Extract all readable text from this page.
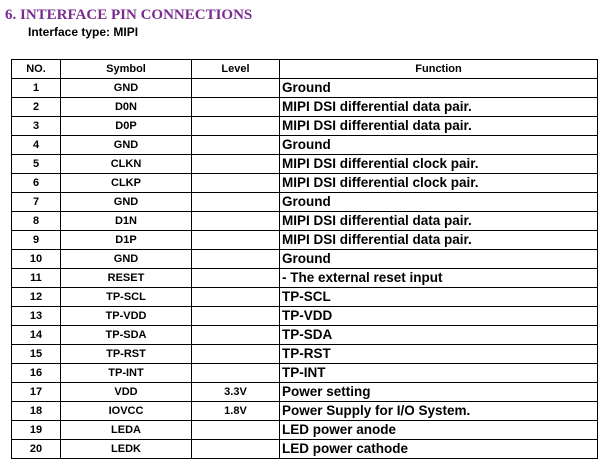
6. INTERFACE PIN CONNECTIONS
Interface type: MIPI
NO.	Symbol	Level	Function
1	GND		Ground
2	D0N		MIPI DSI differential data pair.
3	D0P		MIPI DSI differential data pair.
4	GND		Ground
5	CLKN		MIPI DSI differential clock pair.
6	CLKP		MIPI DSI differential clock pair.
7	GND		Ground
8	D1N		MIPI DSI differential data pair.
9	D1P		MIPI DSI differential data pair.
10	GND		Ground
11	RESET		- The external reset input
12	TP-SCL		TP-SCL
13	TP-VDD		TP-VDD
14	TP-SDA		TP-SDA
15	TP-RST		TP-RST
16	TP-INT		TP-INT
17	VDD	3.3V	Power setting
18	IOVCC	1.8V	Power Supply for I/O System.
19	LEDA		LED power anode
20	LEDK		LED power cathode
